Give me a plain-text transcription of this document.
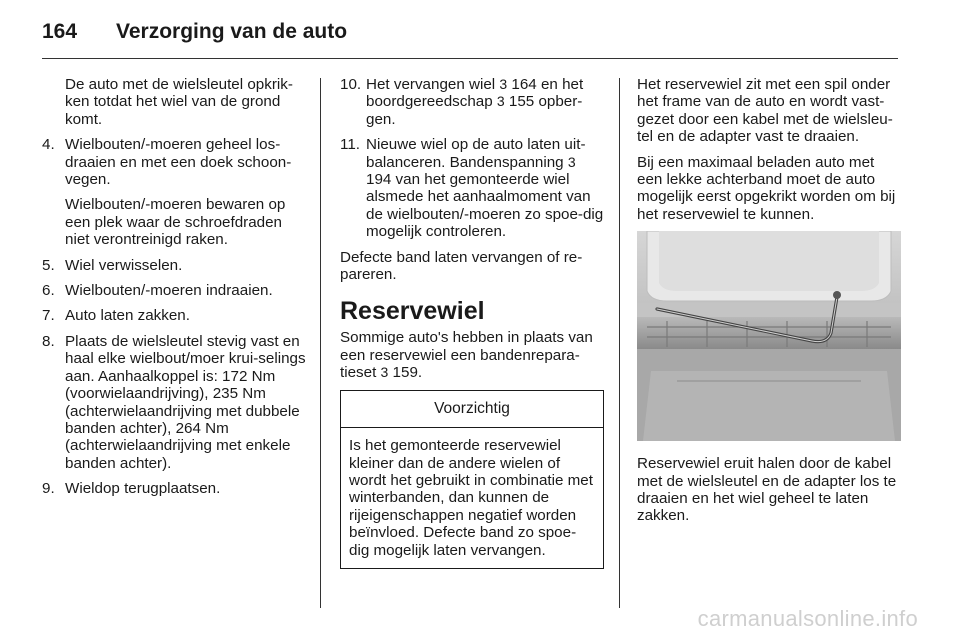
164 Verzorging van de auto

De auto met de wielsleutel opkrik-ken totdat het wiel van de grond komt.

4. Wielbouten/-moeren geheel los-draaien en met een doek schoon-vegen.

Wielbouten/-moeren bewaren op een plek waar de schroefdraden niet verontreinigd raken.

5. Wiel verwisselen.
6. Wielbouten/-moeren indraaien.
7. Auto laten zakken.
8. Plaats de wielsleutel stevig vast en haal elke wielbout/moer krui-selings aan. Aanhaalkoppel is: 172 Nm (voorwielaandrijving), 235 Nm (achterwielaandrijving met dubbele banden achter), 264 Nm (achterwielaandrijving met enkele banden achter).
9. Wieldop terugplaatsen.
10. Het vervangen wiel 3 164 en het boordgereedschap 3 155 opber-gen.
11. Nieuwe wiel op de auto laten uit-balanceren. Bandenspanning 3 194 van het gemonteerde wiel alsmede het aanhaalmoment van de wielbouten/-moeren zo spoe-dig mogelijk controleren.

Defecte band laten vervangen of re-pareren.

Reservewiel

Sommige auto's hebben in plaats van een reservewiel een bandenrepara-tieset 3 159.

Voorzichtig
Is het gemonteerde reservewiel kleiner dan de andere wielen of wordt het gebruikt in combinatie met winterbanden, dan kunnen de rijeigenschappen negatief worden beïnvloed. Defecte band zo spoe-dig mogelijk laten vervangen.

Het reservewiel zit met een spil onder het frame van de auto en wordt vast-gezet door een kabel met de wielsleu-tel en de adapter vast te draaien.

Bij een maximaal beladen auto met een lekke achterband moet de auto mogelijk eerst opgekrikt worden om bij het reservewiel te kunnen.

Reservewiel eruit halen door de kabel met de wielsleutel en de adapter los te draaien en het wiel geheel te laten zakken.

carmanualsonline.info
